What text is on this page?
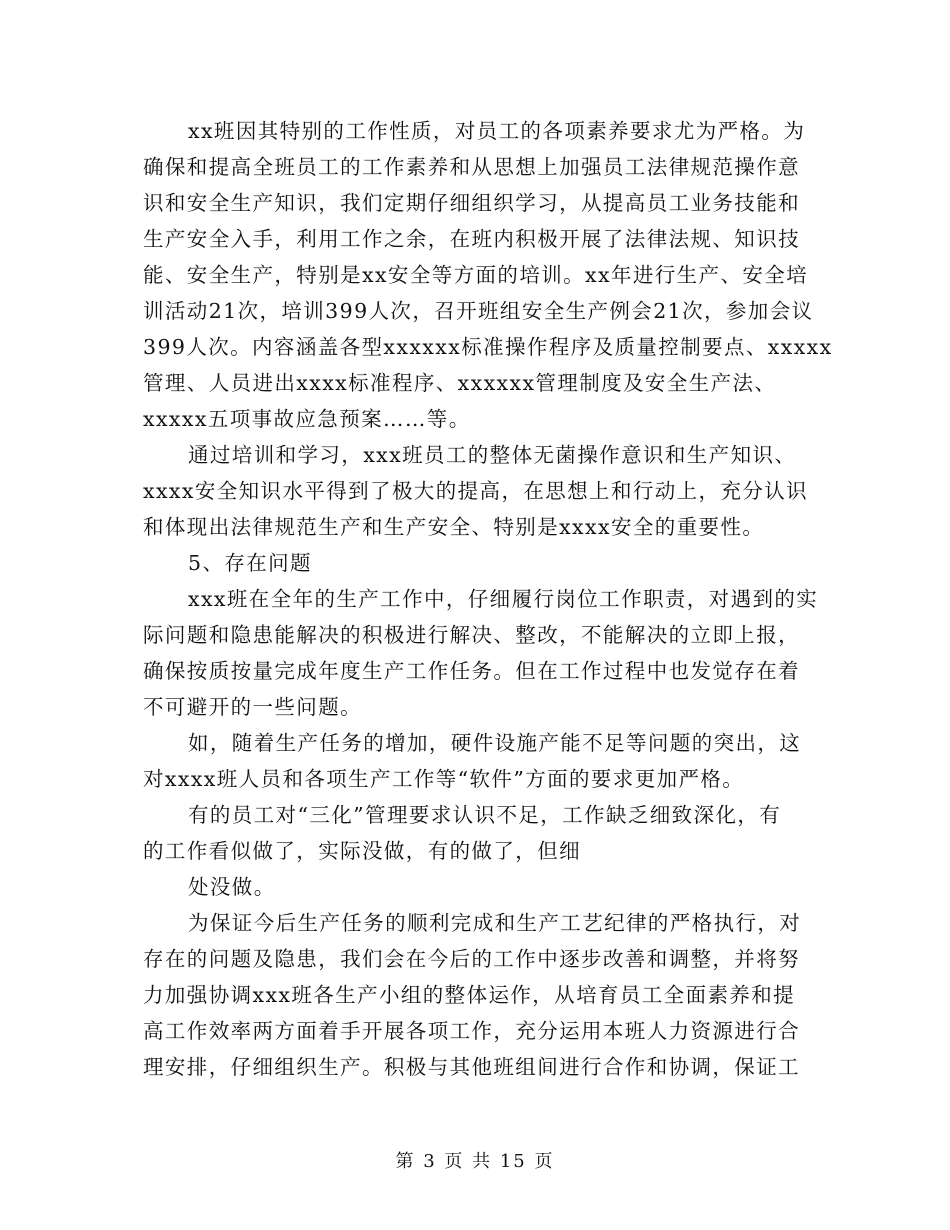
xx班因其特别的工作性质，对员工的各项素养要求尤为严格。为
确保和提高全班员工的工作素养和从思想上加强员工法律规范操作意
识和安全生产知识，我们定期仔细组织学习，从提高员工业务技能和
生产安全入手，利用工作之余，在班内积极开展了法律法规、知识技
能、安全生产，特别是xx安全等方面的培训。xx年进行生产、安全培
训活动21次，培训399人次，召开班组安全生产例会21次，参加会议
399人次。内容涵盖各型xxxxxx标准操作程序及质量控制要点、xxxxx
管理、人员进出xxxx标准程序、xxxxxx管理制度及安全生产法、
xxxxx五项事故应急预案……等。
通过培训和学习，xxx班员工的整体无菌操作意识和生产知识、
xxxx安全知识水平得到了极大的提高，在思想上和行动上，充分认识
和体现出法律规范生产和生产安全、特别是xxxx安全的重要性。
5、存在问题
xxx班在全年的生产工作中，仔细履行岗位工作职责，对遇到的实
际问题和隐患能解决的积极进行解决、整改，不能解决的立即上报，
确保按质按量完成年度生产工作任务。但在工作过程中也发觉存在着
不可避开的一些问题。
如，随着生产任务的增加，硬件设施产能不足等问题的突出，这
对xxxx班人员和各项生产工作等“软件”方面的要求更加严格。
有的员工对“三化”管理要求认识不足，工作缺乏细致深化，有
的工作看似做了，实际没做，有的做了，但细
处没做。
为保证今后生产任务的顺利完成和生产工艺纪律的严格执行，对
存在的问题及隐患，我们会在今后的工作中逐步改善和调整，并将努
力加强协调xxx班各生产小组的整体运作，从培育员工全面素养和提
高工作效率两方面着手开展各项工作，充分运用本班人力资源进行合
理安排，仔细组织生产。积极与其他班组间进行合作和协调，保证工
第 3 页 共 15 页
